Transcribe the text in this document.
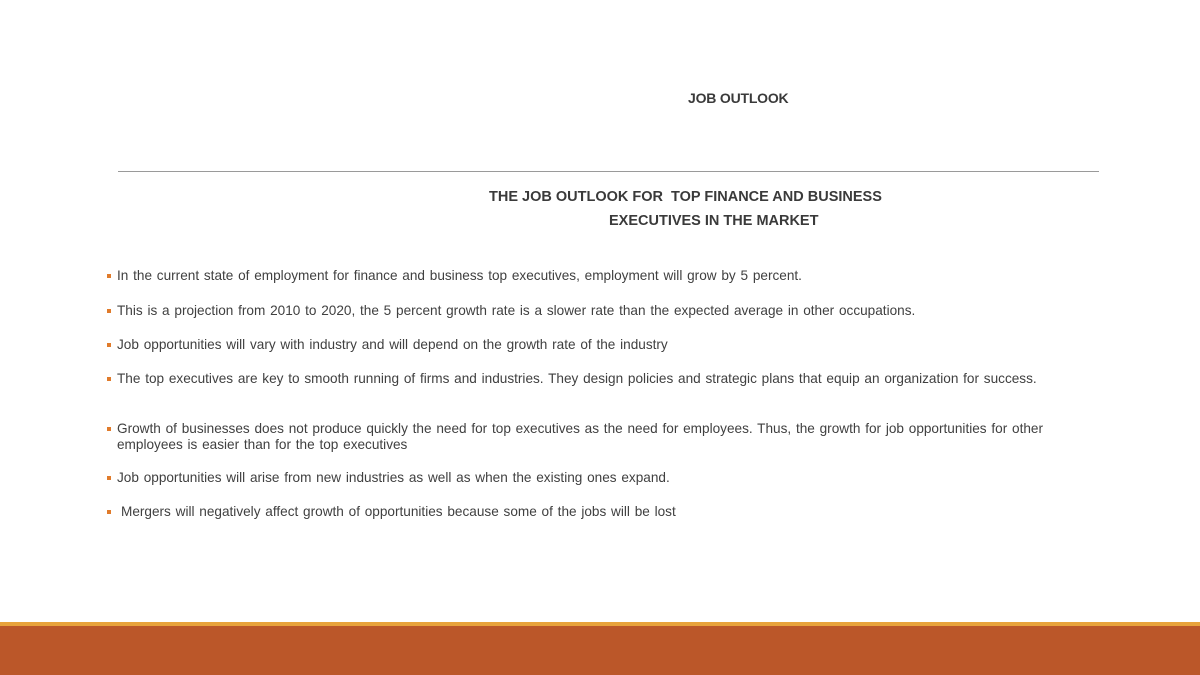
JOB OUTLOOK
THE JOB OUTLOOK FOR  TOP FINANCE AND BUSINESS
EXECUTIVES IN THE MARKET
In the current state of employment for finance and business top executives, employment will grow by 5 percent.
This is a projection from 2010 to 2020, the 5 percent growth rate is a slower rate than the expected average in other occupations.
Job opportunities will vary with industry and will depend on the growth rate of the industry
The top executives are key to smooth running of firms and industries. They design policies and strategic plans that equip an organization for success.
Growth of businesses does not produce quickly the need for top executives as the need for employees. Thus, the growth for job opportunities for other employees is easier than for the top executives
Job opportunities will arise from new industries as well as when the existing ones expand.
Mergers will negatively affect growth of opportunities because some of the jobs will be lost
